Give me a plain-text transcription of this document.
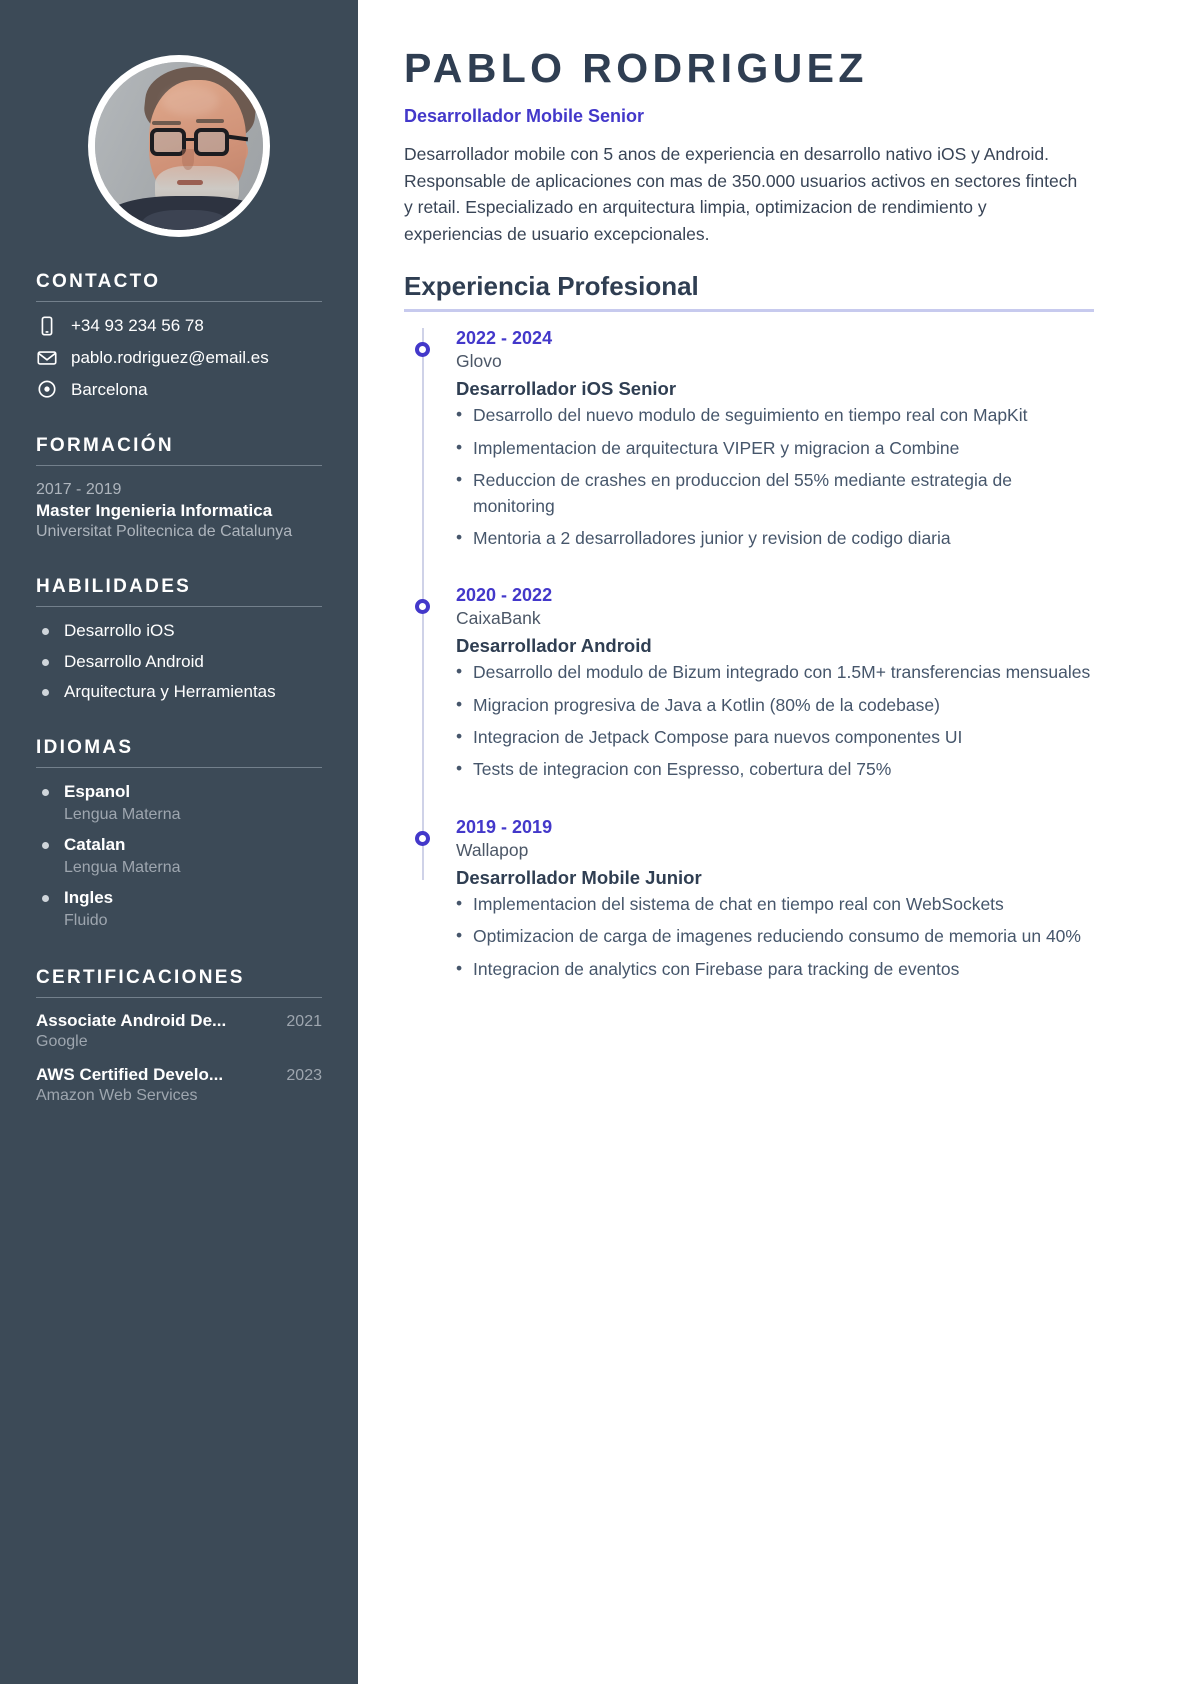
CONTACTO
+34 93 234 56 78
pablo.rodriguez@email.es
Barcelona
FORMACIÓN
2017 - 2019
Master Ingenieria Informatica
Universitat Politecnica de Catalunya
HABILIDADES
Desarrollo iOS
Desarrollo Android
Arquitectura y Herramientas
IDIOMAS
Espanol
Lengua Materna
Catalan
Lengua Materna
Ingles
Fluido
CERTIFICACIONES
Associate Android De...	2021
Google
AWS Certified Develo...	2023
Amazon Web Services
PABLO RODRIGUEZ
Desarrollador Mobile Senior

Desarrollador mobile con 5 anos de experiencia en desarrollo nativo iOS y Android. Responsable de aplicaciones con mas de 350.000 usuarios activos en sectores fintech y retail. Especializado en arquitectura limpia, optimizacion de rendimiento y experiencias de usuario excepcionales.

Experiencia Profesional
2022 - 2024
Glovo
Desarrollador iOS Senior
• Desarrollo del nuevo modulo de seguimiento en tiempo real con MapKit
• Implementacion de arquitectura VIPER y migracion a Combine
• Reduccion de crashes en produccion del 55% mediante estrategia de monitoring
• Mentoria a 2 desarrolladores junior y revision de codigo diaria
2020 - 2022
CaixaBank
Desarrollador Android
• Desarrollo del modulo de Bizum integrado con 1.5M+ transferencias mensuales
• Migracion progresiva de Java a Kotlin (80% de la codebase)
• Integracion de Jetpack Compose para nuevos componentes UI
• Tests de integracion con Espresso, cobertura del 75%
2019 - 2019
Wallapop
Desarrollador Mobile Junior
• Implementacion del sistema de chat en tiempo real con WebSockets
• Optimizacion de carga de imagenes reduciendo consumo de memoria un 40%
• Integracion de analytics con Firebase para tracking de eventos
